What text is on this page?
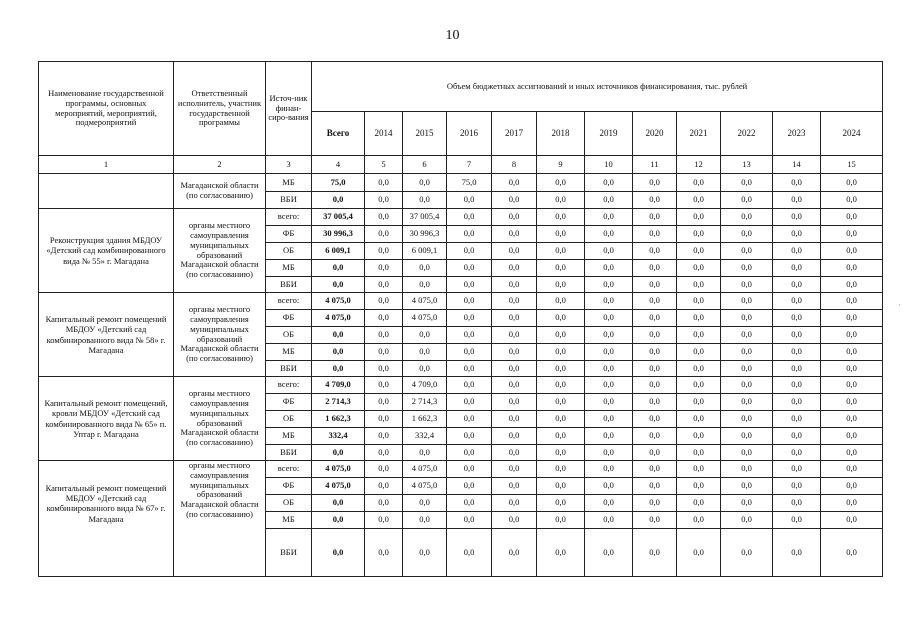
10
Наименование государственной программы, основных мероприятий, мероприятий, подмероприятий	Ответственный исполнитель, участник государственной программы	Источ-ник финан-сиро-вания	Объем бюджетных ассигнований и иных источников финансирования, тыс. рублей											
			Всего	2014	2015	2016	2017	2018	2019	2020	2021	2022	2023	2024
1	2	3	4	5	6	7	8	9	10	11	12	13	14	15
	Магаданской области (по согласованию)	МБ	75,0	0,0	0,0	75,0	0,0	0,0	0,0	0,0	0,0	0,0	0,0	0,0
		ВБИ	0,0	0,0	0,0	0,0	0,0	0,0	0,0	0,0	0,0	0,0	0,0	0,0
Реконструкция здания МБДОУ «Детский сад комбинированного вида № 55» г. Магадана	органы местного самоуправления муниципальных образований Магаданской области (по согласованию)	всего:	37 005,4	0,0	37 005,4	0,0	0,0	0,0	0,0	0,0	0,0	0,0	0,0	0,0
		ФБ	30 996,3	0,0	30 996,3	0,0	0,0	0,0	0,0	0,0	0,0	0,0	0,0	0,0
		ОБ	6 009,1	0,0	6 009,1	0,0	0,0	0,0	0,0	0,0	0,0	0,0	0,0	0,0
		МБ	0,0	0,0	0,0	0,0	0,0	0,0	0,0	0,0	0,0	0,0	0,0	0,0
		ВБИ	0,0	0,0	0,0	0,0	0,0	0,0	0,0	0,0	0,0	0,0	0,0	0,0
Капитальный ремонт помещений МБДОУ «Детский сад комбинированного вида № 58» г. Магадана	органы местного самоуправления муниципальных образований Магаданской области (по согласованию)	всего:	4 075,0	0,0	4 075,0	0,0	0,0	0,0	0,0	0,0	0,0	0,0	0,0	0,0
		ФБ	4 075,0	0,0	4 075,0	0,0	0,0	0,0	0,0	0,0	0,0	0,0	0,0	0,0
		ОБ	0,0	0,0	0,0	0,0	0,0	0,0	0,0	0,0	0,0	0,0	0,0	0,0
		МБ	0,0	0,0	0,0	0,0	0,0	0,0	0,0	0,0	0,0	0,0	0,0	0,0
		ВБИ	0,0	0,0	0,0	0,0	0,0	0,0	0,0	0,0	0,0	0,0	0,0	0,0
Капитальный ремонт помещений, кровли МБДОУ «Детский сад комбинированного вида № 65» п. Уптар г. Магадана	органы местного самоуправления муниципальных образований Магаданской области (по согласованию)	всего:	4 709,0	0,0	4 709,0	0,0	0,0	0,0	0,0	0,0	0,0	0,0	0,0	0,0
		ФБ	2 714,3	0,0	2 714,3	0,0	0,0	0,0	0,0	0,0	0,0	0,0	0,0	0,0
		ОБ	1 662,3	0,0	1 662,3	0,0	0,0	0,0	0,0	0,0	0,0	0,0	0,0	0,0
		МБ	332,4	0,0	332,4	0,0	0,0	0,0	0,0	0,0	0,0	0,0	0,0	0,0
		ВБИ	0,0	0,0	0,0	0,0	0,0	0,0	0,0	0,0	0,0	0,0	0,0	0,0
Капитальный ремонт помещений МБДОУ «Детский сад комбинированного вида № 67» г. Магадана	органы местного самоуправления муниципальных образований Магаданской области (по согласованию)	всего:	4 075,0	0,0	4 075,0	0,0	0,0	0,0	0,0	0,0	0,0	0,0	0,0	0,0
		ФБ	4 075,0	0,0	4 075,0	0,0	0,0	0,0	0,0	0,0	0,0	0,0	0,0	0,0
		ОБ	0,0	0,0	0,0	0,0	0,0	0,0	0,0	0,0	0,0	0,0	0,0	0,0
		МБ	0,0	0,0	0,0	0,0	0,0	0,0	0,0	0,0	0,0	0,0	0,0	0,0
		ВБИ	0,0	0,0	0,0	0,0	0,0	0,0	0,0	0,0	0,0	0,0	0,0	0,0
·
